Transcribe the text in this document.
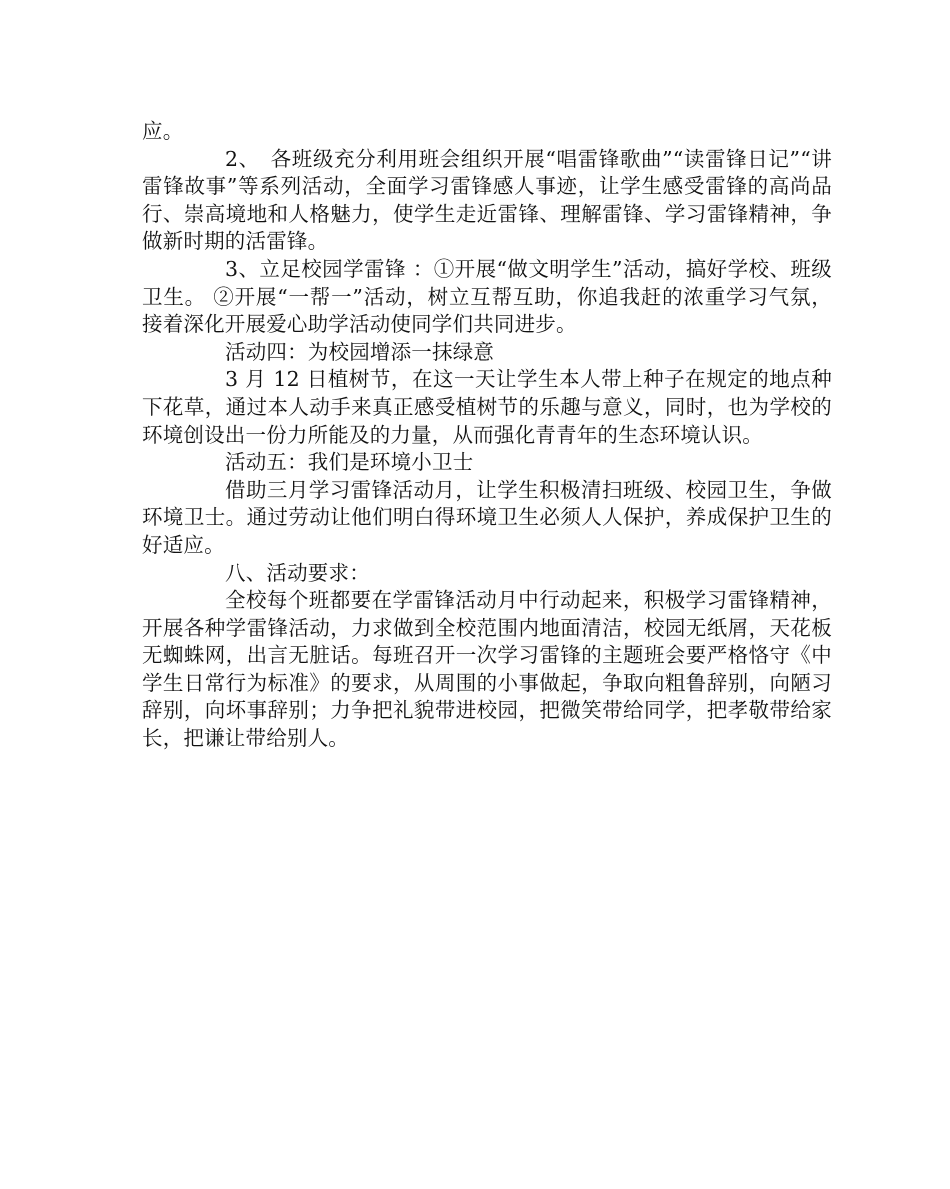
应。

2、　各班级充分利用班会组织开展“唱雷锋歌曲”“读雷锋日记”“讲雷锋故事”等系列活动，全面学习雷锋感人事迹，让学生感受雷锋的高尚品行、崇高境地和人格魅力，使学生走近雷锋、理解雷锋、学习雷锋精神，争做新时期的活雷锋。

3、立足校园学雷锋 ：①开展“做文明学生”活动，搞好学校、班级卫生。 ②开展“一帮一”活动，树立互帮互助，你追我赶的浓重学习气氛，接着深化开展爱心助学活动使同学们共同进步。

活动四：为校园增添一抹绿意

3 月 12 日植树节，在这一天让学生本人带上种子在规定的地点种下花草，通过本人动手来真正感受植树节的乐趣与意义，同时，也为学校的环境创设出一份力所能及的力量，从而强化青青年的生态环境认识。

活动五：我们是环境小卫士

借助三月学习雷锋活动月，让学生积极清扫班级、校园卫生，争做环境卫士。通过劳动让他们明白得环境卫生必须人人保护，养成保护卫生的好适应。

八、活动要求：

全校每个班都要在学雷锋活动月中行动起来，积极学习雷锋精神，开展各种学雷锋活动，力求做到全校范围内地面清洁，校园无纸屑，天花板无蜘蛛网，出言无脏话。每班召开一次学习雷锋的主题班会要严格恪守《中学生日常行为标准》的要求，从周围的小事做起，争取向粗鲁辞别，向陋习辞别，向坏事辞别；力争把礼貌带进校园，把微笑带给同学，把孝敬带给家长，把谦让带给别人。
